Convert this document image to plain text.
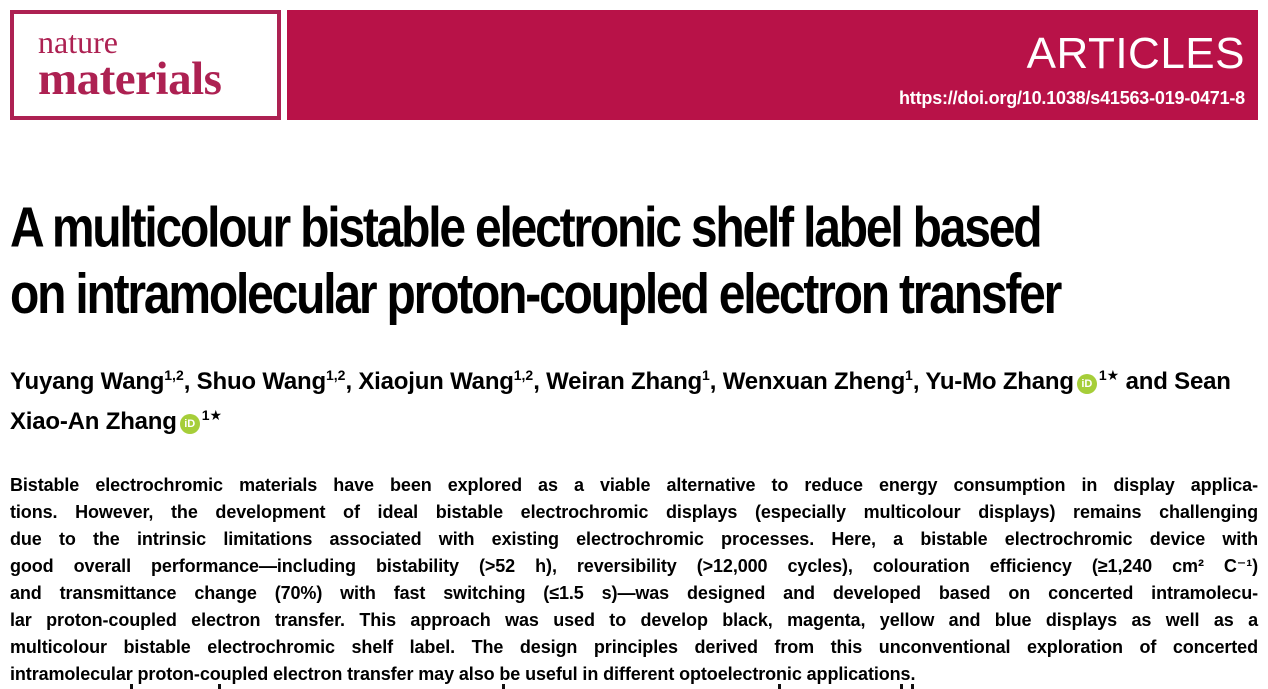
nature
materials	ARTICLES
https://doi.org/10.1038/s41563-019-0471-8
A multicolour bistable electronic shelf label based
on intramolecular proton-coupled electron transfer
Yuyang Wang$^{1,2}$, Shuo Wang$^{1,2}$, Xiaojun Wang$^{1,2}$, Weiran Zhang$^1$, Wenxuan Zheng$^1$, Yu-Mo Zhang $iD^{1★}$ and Sean Xiao-An Zhang $iD^{1★}$
Bistable electrochromic materials have been explored as a viable alternative to reduce energy consumption in display applica-
tions. However, the development of ideal bistable electrochromic displays (especially multicolour displays) remains challenging
due to the intrinsic limitations associated with existing electrochromic processes. Here, a bistable electrochromic device with
good overall performance—including bistability (>52 h), reversibility (>12,000 cycles), colouration efficiency (≥1,240 cm² C⁻¹)
and transmittance change (70%) with fast switching (≤1.5 s)—was designed and developed based on concerted intramolecu-
lar proton-coupled electron transfer. This approach was used to develop black, magenta, yellow and blue displays as well as a
multicolour bistable electrochromic shelf label. The design principles derived from this unconventional exploration of concerted
intramolecular proton-coupled electron transfer may also be useful in different optoelectronic applications.
